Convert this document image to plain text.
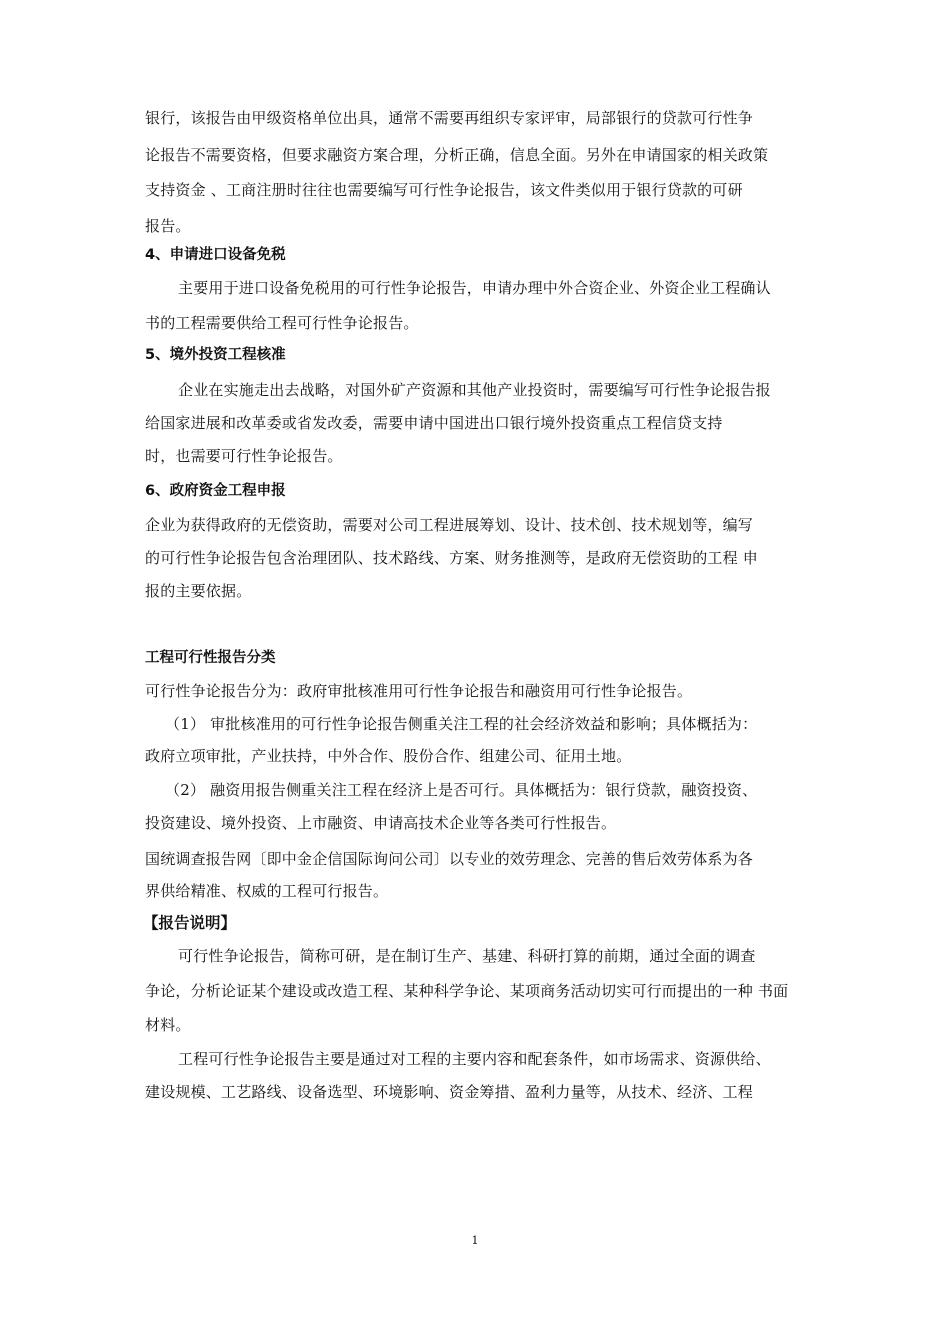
银行，该报告由甲级资格单位出具，通常不需要再组织专家评审，局部银行的贷款可行性争
论报告不需要资格，但要求融资方案合理，分析正确，信息全面。另外在申请国家的相关政策
支持资金 、工商注册时往往也需要编写可行性争论报告，该文件类似用于银行贷款的可研
报告。
4、申请进口设备免税
主要用于进口设备免税用的可行性争论报告，申请办理中外合资企业、外资企业工程确认
书的工程需要供给工程可行性争论报告。
5、境外投资工程核准
企业在实施走出去战略，对国外矿产资源和其他产业投资时，需要编写可行性争论报告报
给国家进展和改革委或省发改委，需要申请中国进出口银行境外投资重点工程信贷支持
时，也需要可行性争论报告。
6、政府资金工程申报
企业为获得政府的无偿资助，需要对公司工程进展筹划、设计、技术创、技术规划等，编写
的可行性争论报告包含治理团队、技术路线、方案、财务推测等，是政府无偿资助的工程 申
报的主要依据。
工程可行性报告分类
可行性争论报告分为：政府审批核准用可行性争论报告和融资用可行性争论报告。
（1） 审批核准用的可行性争论报告侧重关注工程的社会经济效益和影响；具体概括为：
政府立项审批，产业扶持，中外合作、股份合作、组建公司、征用土地。
（2） 融资用报告侧重关注工程在经济上是否可行。具体概括为：银行贷款，融资投资、
投资建设、境外投资、上市融资、申请高技术企业等各类可行性报告。
国统调查报告网〔即中金企信国际询问公司〕以专业的效劳理念、完善的售后效劳体系为各
界供给精准、权威的工程可行报告。
【报告说明】
可行性争论报告，简称可研，是在制订生产、基建、科研打算的前期，通过全面的调查
争论，分析论证某个建设或改造工程、某种科学争论、某项商务活动切实可行而提出的一种 书面
材料。
工程可行性争论报告主要是通过对工程的主要内容和配套条件，如市场需求、资源供给、
建设规模、工艺路线、设备选型、环境影响、资金筹措、盈利力量等，从技术、经济、工程
1
